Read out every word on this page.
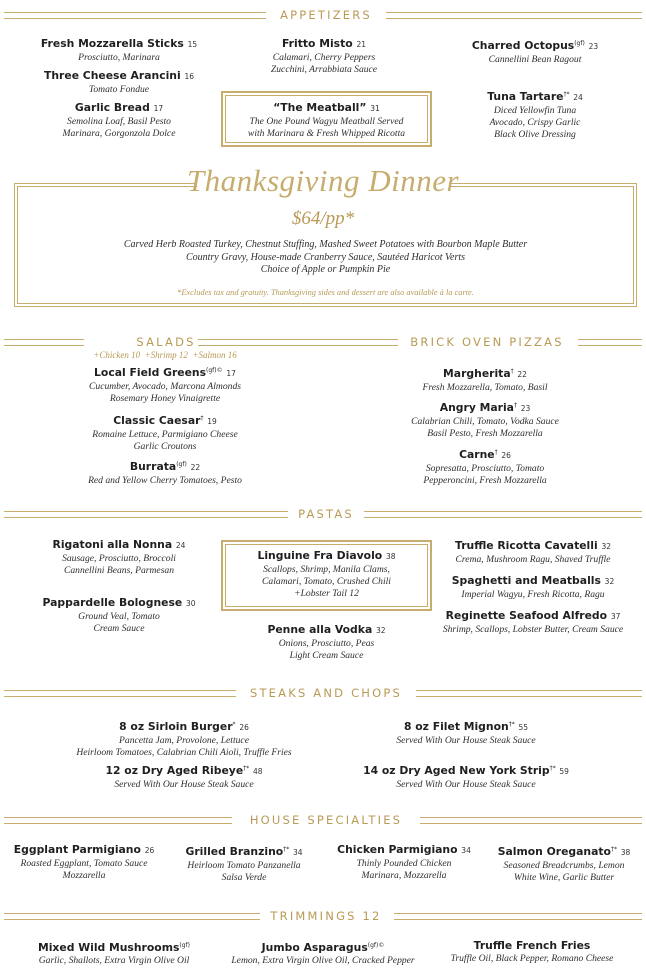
APPETIZERS
SALADS	BRICK OVEN PIZZAS
PASTAS
STEAKS AND CHOPS
HOUSE SPECIALTIES
TRIMMINGS 12
Fresh Mozzarella Sticks 15
Prosciutto, Marinara
Three Cheese Arancini 16
Tomato Fondue
Garlic Bread 17
Semolina Loaf, Basil Pesto
Marinara, Gorgonzola Dolce
Fritto Misto 21
Calamari, Cherry Peppers
Zucchini, Arrabbiata Sauce
“The Meatball” 31
The One Pound Wagyu Meatball Served
with Marinara & Fresh Whipped Ricotta
Charred Octopus$^{(gf)}$ 23
Cannellini Bean Ragout
Tuna Tartare†* 24
Diced Yellowfin Tuna
Avocado, Crispy Garlic
Black Olive Dressing
Thanksgiving Dinner
$64/pp*
Carved Herb Roasted Turkey, Chestnut Stuffing, Mashed Sweet Potatoes with Bourbon Maple Butter
Country Gravy, House-made Cranberry Sauce, Sautéed Haricot Verts
Choice of Apple or Pumpkin Pie
*Excludes tax and gratuity. Thanksgiving sides and dessert are also available à la carte.
+Chicken 10  +Shrimp 12  +Salmon 16
Local Field Greens$^{(gf)©}$ 17
Cucumber, Avocado, Marcona Almonds
Rosemary Honey Vinaigrette
Classic Caesar† 19
Romaine Lettuce, Parmigiano Cheese
Garlic Croutons
Burrata$^{(gf)}$ 22
Red and Yellow Cherry Tomatoes, Pesto
Margherita† 22
Fresh Mozzarella, Tomato, Basil
Angry Maria† 23
Calabrian Chili, Tomato, Vodka Sauce
Basil Pesto, Fresh Mozzarella
Carne† 26
Sopresatta, Prosciutto, Tomato
Pepperoncini, Fresh Mozzarella
Rigatoni alla Nonna 24
Sausage, Prosciutto, Broccoli
Cannellini Beans, Parmesan
Pappardelle Bolognese 30
Ground Veal, Tomato
Cream Sauce
Linguine Fra Diavolo 38
Scallops, Shrimp, Manila Clams,
Calamari, Tomato, Crushed Chili
+Lobster Tail 12
Penne alla Vodka 32
Onions, Prosciutto, Peas
Light Cream Sauce
Truffle Ricotta Cavatelli 32
Crema, Mushroom Ragu, Shaved Truffle
Spaghetti and Meatballs 32
Imperial Wagyu, Fresh Ricotta, Ragu
Reginette Seafood Alfredo 37
Shrimp, Scallops, Lobster Butter, Cream Sauce
8 oz Sirloin Burger* 26
Pancetta Jam, Provolone, Lettuce
Heirloom Tomatoes, Calabrian Chili Aioli, Truffle Fries
12 oz Dry Aged Ribeye†* 48
Served With Our House Steak Sauce
8 oz Filet Mignon†* 55
Served With Our House Steak Sauce
14 oz Dry Aged New York Strip†* 59
Served With Our House Steak Sauce
Eggplant Parmigiano 26
Roasted Eggplant, Tomato Sauce
Mozzarella
Grilled Branzino†* 34
Heirloom Tomato Panzanella
Salsa Verde
Chicken Parmigiano 34
Thinly Pounded Chicken
Marinara, Mozzarella
Salmon Oreganato†* 38
Seasoned Breadcrumbs, Lemon
White Wine, Garlic Butter
Mixed Wild Mushrooms$^{(gf)}$
Garlic, Shallots, Extra Virgin Olive Oil
Jumbo Asparagus$^{(gf)©}$
Lemon, Extra Virgin Olive Oil, Cracked Pepper
Truffle French Fries
Truffle Oil, Black Pepper, Romano Cheese
